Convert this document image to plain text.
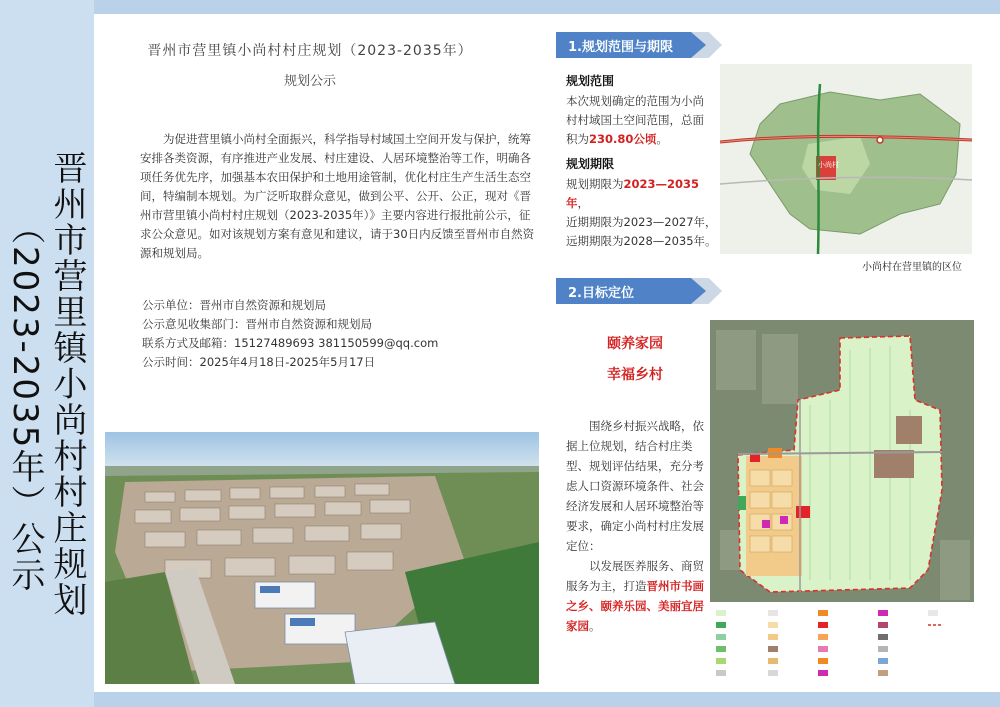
晋州市营里镇小尚村村庄规划
（2023-2035年）公示
晋州市营里镇小尚村村庄规划（2023-2035年）
规划公示
为促进营里镇小尚村全面振兴，科学指导村域国土空间开发与保护，统筹安排各类资源，有序推进产业发展、村庄建设、人居环境整治等工作，明确各项任务优先序，加强基本农田保护和土地用途管制，优化村庄生产生活生态空间，特编制本规划。为广泛听取群众意见，做到公平、公开、公正，现对《晋州市营里镇小尚村村庄规划（2023-2035年）》主要内容进行报批前公示，征求公众意见。如对该规划方案有意见和建议，请于30日内反馈至晋州市自然资源和规划局。
公示单位：晋州市自然资源和规划局
公示意见收集部门：晋州市自然资源和规划局
联系方式及邮箱：15127489693 381150599@qq.com
公示时间：2025年4月18日-2025年5月17日
1.规划范围与期限
规划范围
本次规划确定的范围为小尚村村域国土空间范围，总面积为230.80公顷。
规划期限
规划期限为2023—2035年，
近期期限为2023—2027年，
远期期限为2028—2035年。
小尚村
小尚村在营里镇的区位
2.目标定位
颐养家园
幸福乡村
围绕乡村振兴战略，依据上位规划，结合村庄类型、规划评估结果，充分考虑人口资源环境条件、社会经济发展和人居环境整治等要求，确定小尚村村庄发展定位：
以发展医养服务、商贸服务为主，打造晋州市书画之乡、颐养乐园、美丽宜居家园。
